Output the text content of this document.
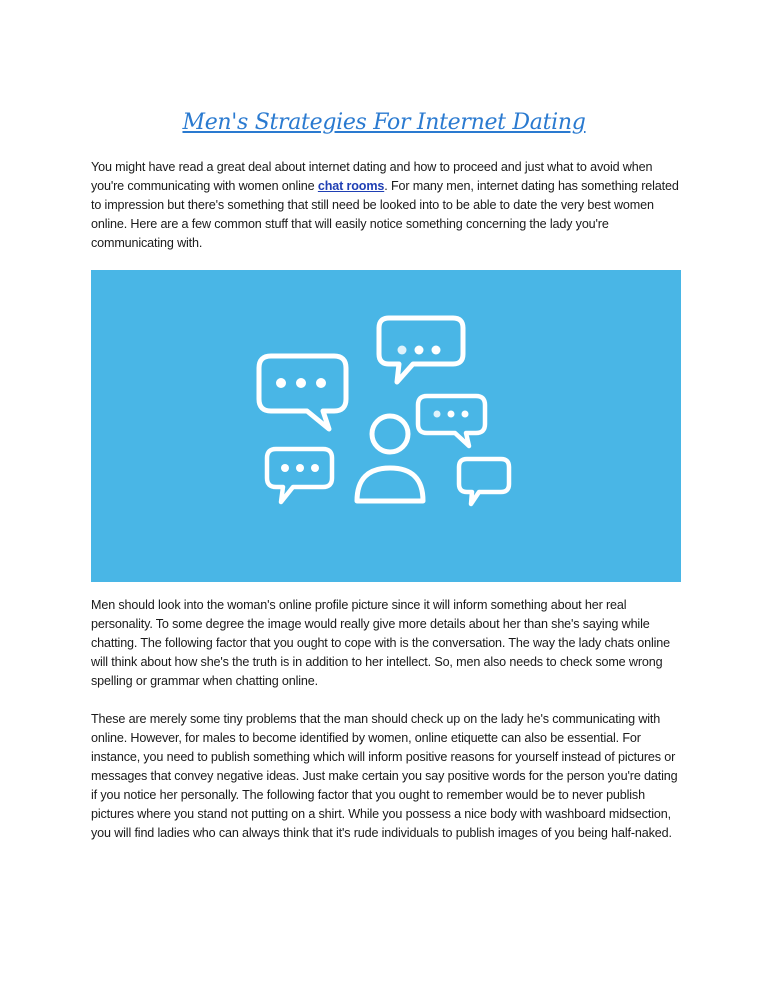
Men's Strategies For Internet Dating

You might have read a great deal about internet dating and how to proceed and just what to avoid when you're communicating with women online chat rooms. For many men, internet dating has something related to impression but there's something that still need be looked into to be able to date the very best women online. Here are a few common stuff that will easily notice something concerning the lady you're communicating with.

Men should look into the woman's online profile picture since it will inform something about her real personality. To some degree the image would really give more details about her than she's saying while chatting. The following factor that you ought to cope with is the conversation. The way the lady chats online will think about how she's the truth is in addition to her intellect. So, men also needs to check some wrong spelling or grammar when chatting online.

These are merely some tiny problems that the man should check up on the lady he's communicating with online. However, for males to become identified by women, online etiquette can also be essential. For instance, you need to publish something which will inform positive reasons for yourself instead of pictures or messages that convey negative ideas. Just make certain you say positive words for the person you're dating if you notice her personally. The following factor that you ought to remember would be to never publish pictures where you stand not putting on a shirt. While you possess a nice body with washboard midsection, you will find ladies who can always think that it's rude individuals to publish images of you being half-naked.
